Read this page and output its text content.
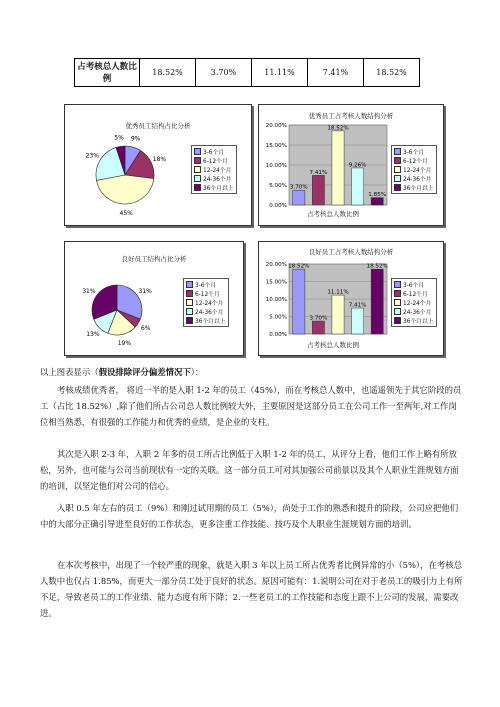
占考核总人数比例	18.52%	3.70%	11.11%	7.41%	18.52%
优秀员工结构占比分析
9%
18%
45%
23%
5%
3-6个月
6-12个月
12-24个月
24-36个月
36个月以上
优秀员工占考核人数结构分析
0.00%
5.00%
10.00%
15.00%
20.00%
3.70%
7.41%
18.52%
9.26%
1.85%
3-6个月
6-12个月
12-24个月
24-36个月
36个月以上
占考核总人数比例
良好员工结构占比分析
31%
6%
19%
13%
31%
3-6个月
6-12个月
12-24个月
24-36个月
36个月以上
良好员工占考核人数结构分析
0.00%
5.00%
10.00%
15.00%
20.00% 18.52%
3.70%
11.11%
7.41%
18.52%
3-6个月
6-12个月
12-24个月
24-36个月
36个月以上
占考核总人数比例
以上图表显示（假设排除评分偏差情况下）：
考核成绩优秀者， 将近一半的是入职 1-2 年的员工（45%），而在考核总人数中，也遥遥领先于其它阶段的员工（占比 18.52%）,除了他们所占公司总人数比例较大外，主要原因是这部分员工在公司工作一至两年,对工作岗位相当熟悉，有很强的工作能力和优秀的业绩，是企业的支柱。
其次是入职 2-3 年，入职 2 年多的员工所占比例低于入职 1-2 年的员工，从评分上看，他们工作上略有所放松，另外，也可能与公司当前现状有一定的关联。这一部分员工可对其加强公司前景以及其个人职业生涯规划方面的培训，以坚定他们对公司的信心。
入职 0.5 年左右的员工（9%）和刚过试用期的员工（5%），尚处于工作的熟悉和提升的阶段，公司应把他们中的大部分正确引导进至良好的工作状态，更多注重工作技能、技巧及个人职业生涯规划方面的培训。
在本次考核中，出现了一个较严重的现象，就是入职 3 年以上员工所占优秀者比例异常的小（5%），在考核总人数中也仅占 1.85%，而更大一部分员工处于良好的状态。原因可能有：1.说明公司在对于老员工的吸引力上有所不足，导致老员工的工作业绩、能力态度有所下降；2.一些老员工的工作技能和态度上跟不上公司的发展，需要改进。
